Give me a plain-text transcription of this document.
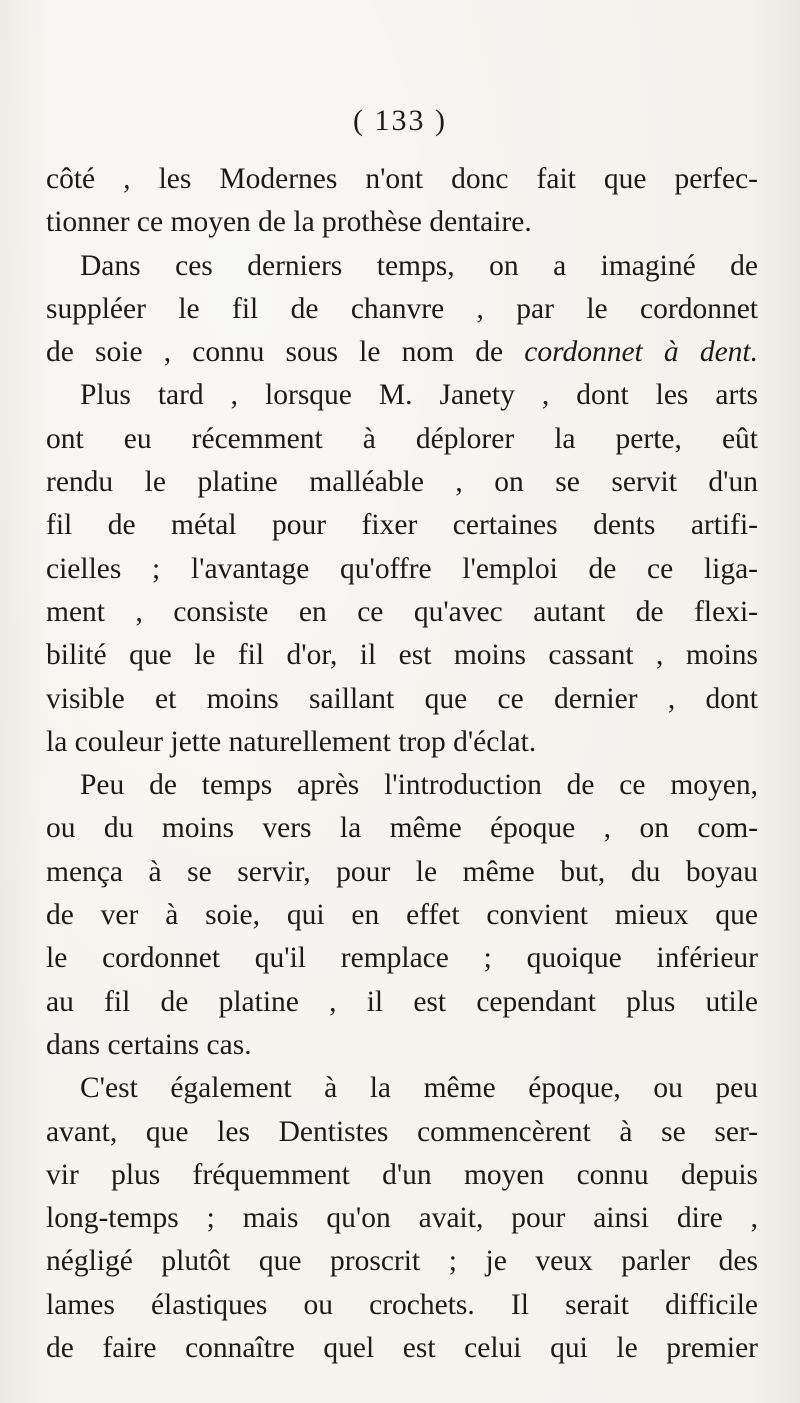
( 133 )
côté , les Modernes n'ont donc fait que perfec-
tionner ce moyen de la prothèse dentaire.
Dans ces derniers temps, on a imaginé de
suppléer le fil de chanvre , par le cordonnet
de soie , connu sous le nom de cordonnet à dent.
Plus tard , lorsque M. Janety , dont les arts
ont eu récemment à déplorer la perte, eût
rendu le platine malléable , on se servit d'un
fil de métal pour fixer certaines dents artifi-
cielles ; l'avantage qu'offre l'emploi de ce liga-
ment , consiste en ce qu'avec autant de flexi-
bilité que le fil d'or, il est moins cassant , moins
visible et moins saillant que ce dernier , dont
la couleur jette naturellement trop d'éclat.
Peu de temps après l'introduction de ce moyen,
ou du moins vers la même époque , on com-
mença à se servir, pour le même but, du boyau
de ver à soie, qui en effet convient mieux que
le cordonnet qu'il remplace ; quoique inférieur
au fil de platine , il est cependant plus utile
dans certains cas.
C'est également à la même époque, ou peu
avant, que les Dentistes commencèrent à se ser-
vir plus fréquemment d'un moyen connu depuis
long-temps ; mais qu'on avait, pour ainsi dire ,
négligé plutôt que proscrit ; je veux parler des
lames élastiques ou crochets. Il serait difficile
de faire connaître quel est celui qui le premier
